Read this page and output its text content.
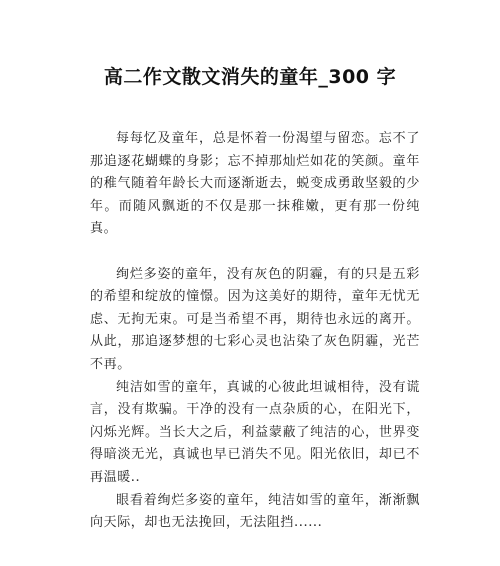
高二作文散文消失的童年_300 字

每每忆及童年，总是怀着一份渴望与留恋。忘不了那追逐花蝴蝶的身影；忘不掉那灿烂如花的笑颜。童年的稚气随着年龄长大而逐渐逝去，蜕变成勇敢坚毅的少年。而随风飘逝的不仅是那一抹稚嫩，更有那一份纯真。

绚烂多姿的童年，没有灰色的阴霾，有的只是五彩的希望和绽放的憧憬。因为这美好的期待，童年无忧无虑、无拘无束。可是当希望不再，期待也永远的离开。从此，那追逐梦想的七彩心灵也沾染了灰色阴霾，光芒不再。

纯洁如雪的童年，真诚的心彼此坦诚相待，没有谎言，没有欺骗。干净的没有一点杂质的心，在阳光下，闪烁光辉。当长大之后，利益蒙蔽了纯洁的心，世界变得暗淡无光，真诚也早已消失不见。阳光依旧，却已不再温暖..

眼看着绚烂多姿的童年，纯洁如雪的童年，渐渐飘向天际，却也无法挽回，无法阻挡......
